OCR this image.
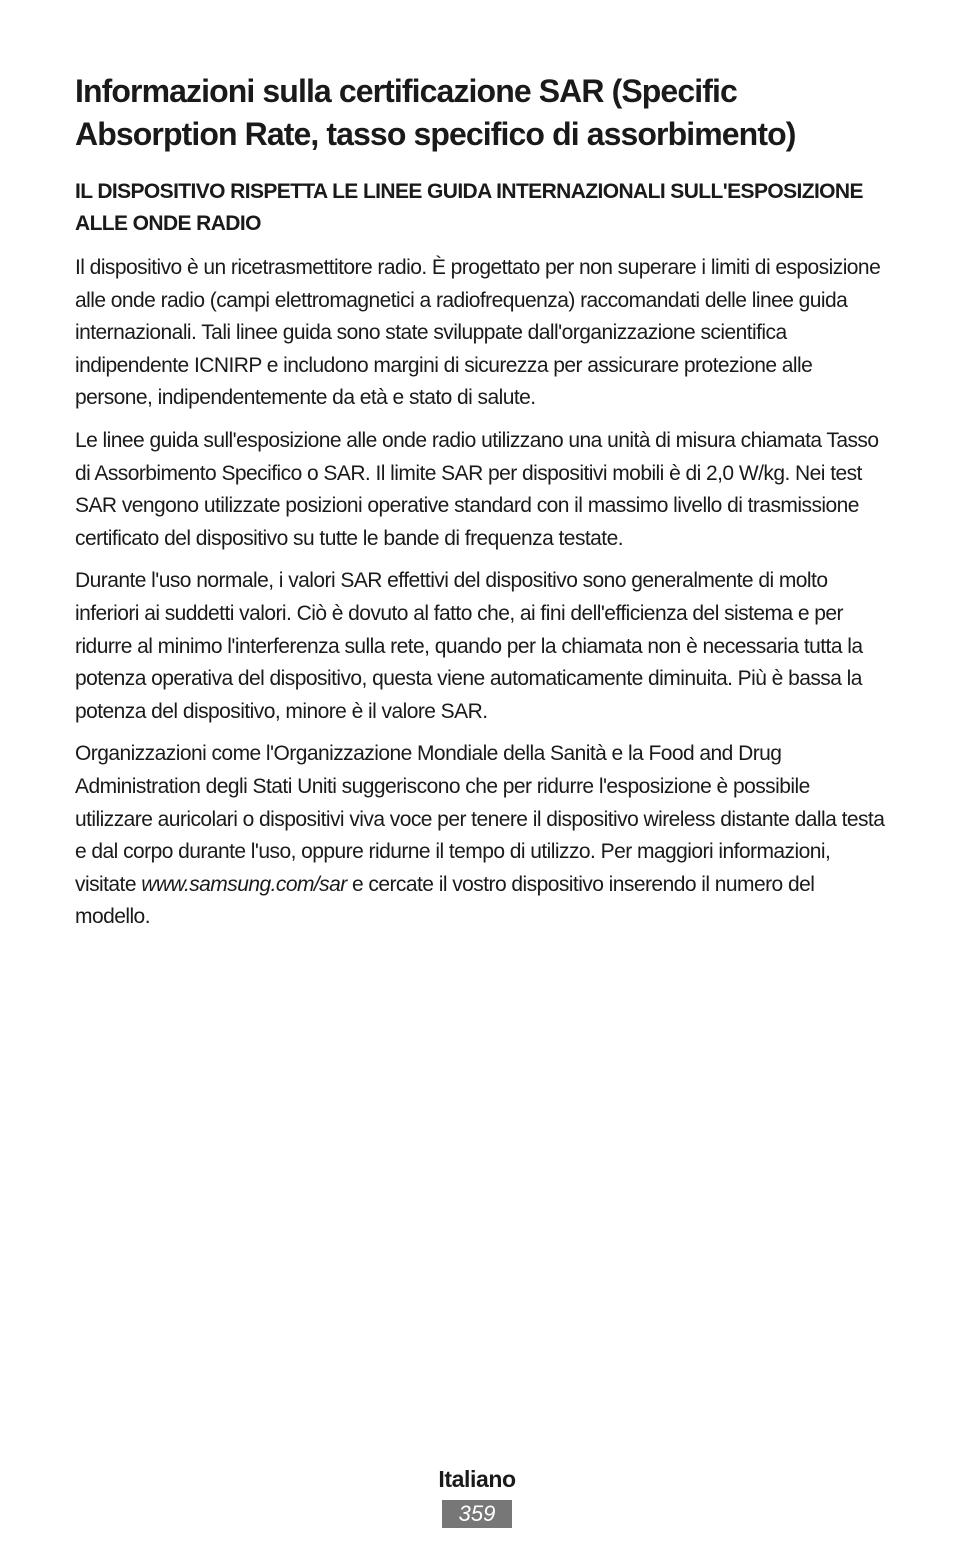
Informazioni sulla certificazione SAR (Specific Absorption Rate, tasso specifico di assorbimento)
IL DISPOSITIVO RISPETTA LE LINEE GUIDA INTERNAZIONALI SULL'ESPOSIZIONE ALLE ONDE RADIO

Il dispositivo è un ricetrasmettitore radio. È progettato per non superare i limiti di esposizione alle onde radio (campi elettromagnetici a radiofrequenza) raccomandati delle linee guida internazionali. Tali linee guida sono state sviluppate dall'organizzazione scientifica indipendente ICNIRP e includono margini di sicurezza per assicurare protezione alle persone, indipendentemente da età e stato di salute.

Le linee guida sull'esposizione alle onde radio utilizzano una unità di misura chiamata Tasso di Assorbimento Specifico o SAR. Il limite SAR per dispositivi mobili è di 2,0 W/kg. Nei test SAR vengono utilizzate posizioni operative standard con il massimo livello di trasmissione certificato del dispositivo su tutte le bande di frequenza testate.

Durante l'uso normale, i valori SAR effettivi del dispositivo sono generalmente di molto inferiori ai suddetti valori. Ciò è dovuto al fatto che, ai fini dell'efficienza del sistema e per ridurre al minimo l'interferenza sulla rete, quando per la chiamata non è necessaria tutta la potenza operativa del dispositivo, questa viene automaticamente diminuita. Più è bassa la potenza del dispositivo, minore è il valore SAR.

Organizzazioni come l'Organizzazione Mondiale della Sanità e la Food and Drug Administration degli Stati Uniti suggeriscono che per ridurre l'esposizione è possibile utilizzare auricolari o dispositivi viva voce per tenere il dispositivo wireless distante dalla testa e dal corpo durante l'uso, oppure ridurne il tempo di utilizzo. Per maggiori informazioni, visitate www.samsung.com/sar e cercate il vostro dispositivo inserendo il numero del modello.

Italiano
359
